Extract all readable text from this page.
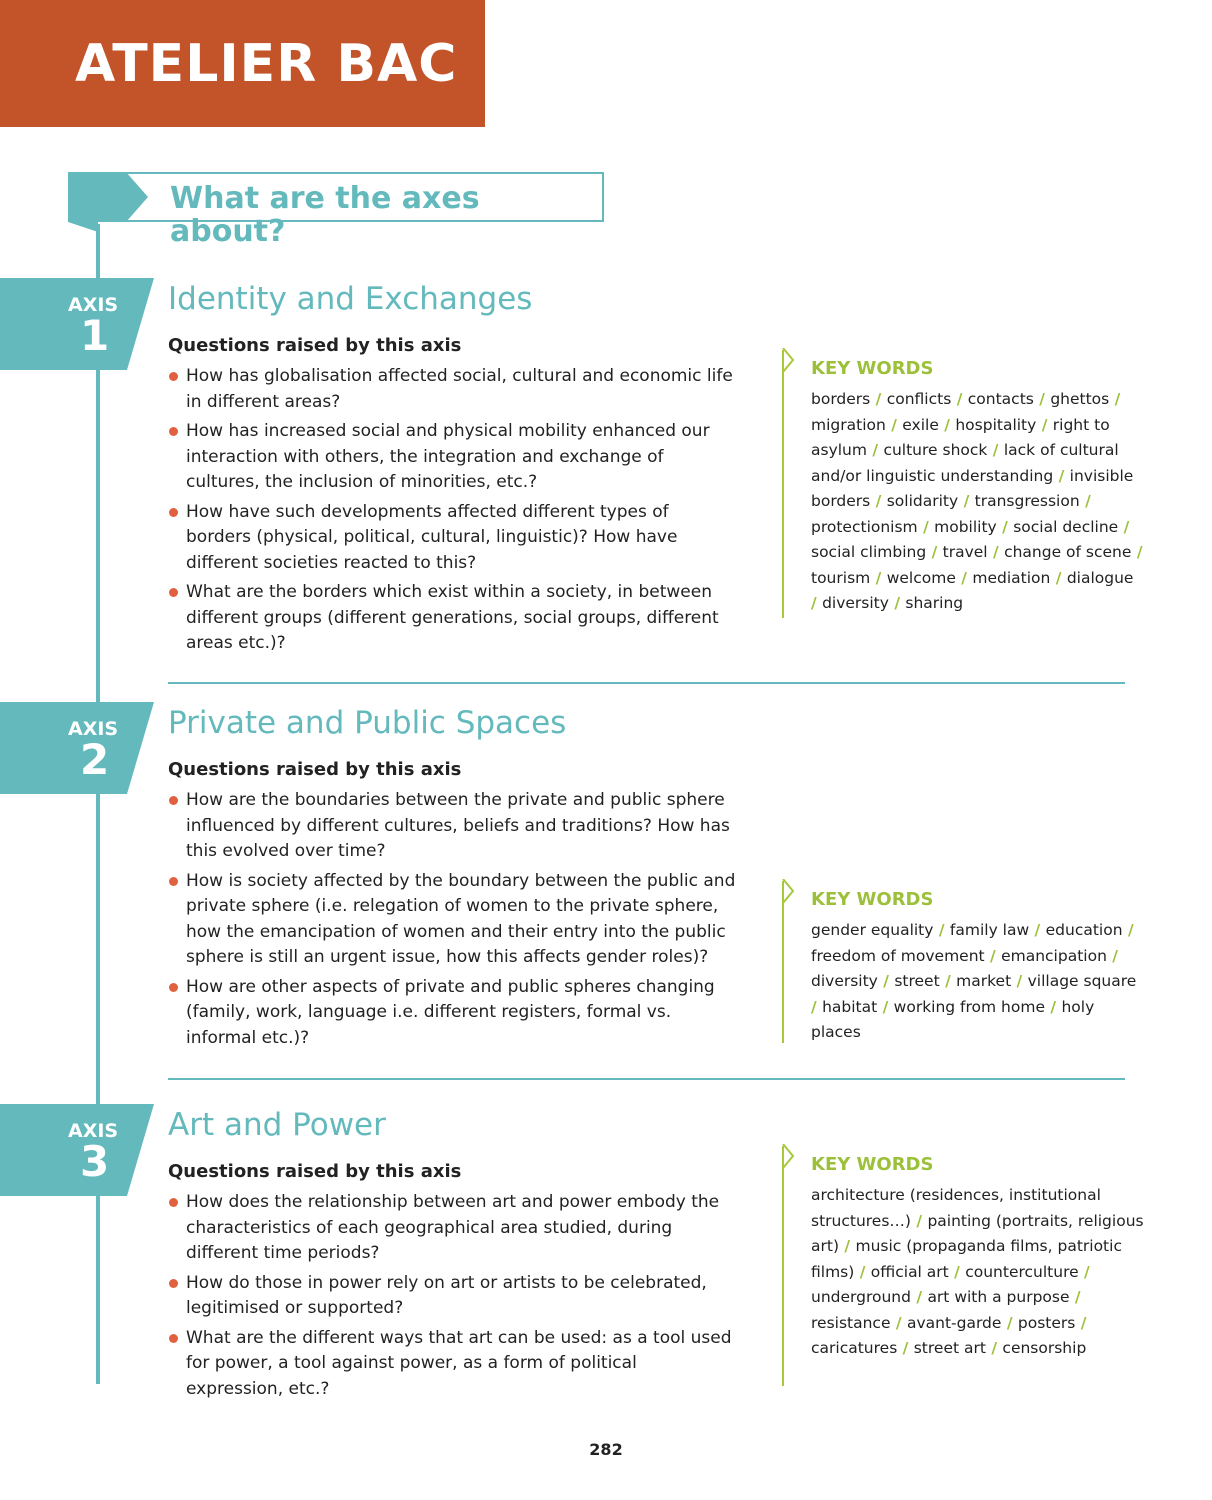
ATELIER BAC
What are the axes about?
AXIS
1
Identity and Exchanges
Questions raised by this axis
How has globalisation affected social, cultural and economic life in different areas?
How has increased social and physical mobility enhanced our interaction with others, the integration and exchange of cultures, the inclusion of minorities, etc.?
How have such developments affected different types of borders (physical, political, cultural, linguistic)? How have different societies reacted to this?
What are the borders which exist within a society, in between different groups (different generations, social groups, different areas etc.)?
KEY WORDS
borders / conflicts / contacts / ghettos / migration / exile / hospitality / right to asylum / culture shock / lack of cultural and/or linguistic understanding / invisible borders / solidarity / transgression / protectionism / mobility / social decline / social climbing / travel / change of scene / tourism / welcome / mediation / dialogue / diversity / sharing
AXIS
2
Private and Public Spaces
Questions raised by this axis
How are the boundaries between the private and public sphere influenced by different cultures, beliefs and traditions? How has this evolved over time?
How is society affected by the boundary between the public and private sphere (i.e. relegation of women to the private sphere, how the emancipation of women and their entry into the public sphere is still an urgent issue, how this affects gender roles)?
How are other aspects of private and public spheres changing (family, work, language i.e. different registers, formal vs. informal etc.)?
KEY WORDS
gender equality / family law / education / freedom of movement / emancipation / diversity / street / market / village square / habitat / working from home / holy places
AXIS
3
Art and Power
Questions raised by this axis
How does the relationship between art and power embody the characteristics of each geographical area studied, during different time periods?
How do those in power rely on art or artists to be celebrated, legitimised or supported?
What are the different ways that art can be used: as a tool used for power, a tool against power, as a form of political expression, etc.?
KEY WORDS
architecture (residences, institutional structures…) / painting (portraits, religious art) / music (propaganda films, patriotic films) / official art / counterculture / underground / art with a purpose / resistance / avant-garde / posters / caricatures / street art / censorship
282
